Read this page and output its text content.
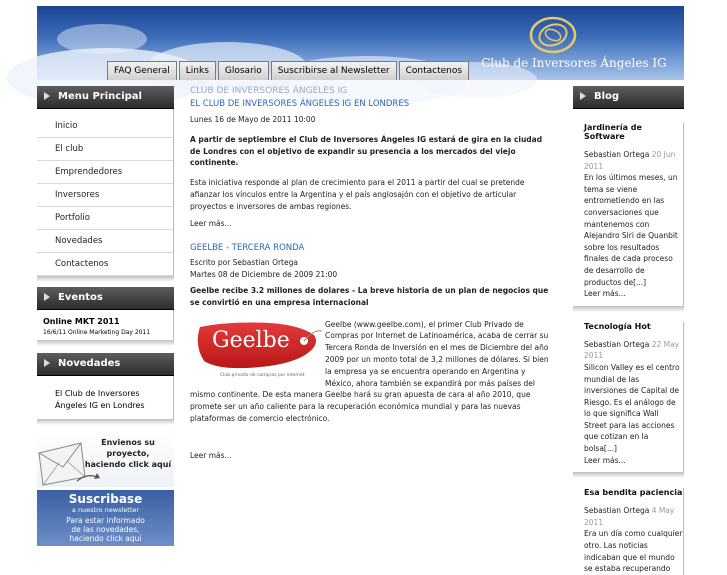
Club de Inversores Ángeles IG
FAQ General	Links	Glosario	Suscribirse al Newsletter	Contactenos
Menu Principal
Inicio
El club
Emprendedores
Inversores
Portfolio
Novedades
Contactenos
Eventos
Online MKT 2011
16/6/11 Online Marketing Day 2011
Novedades
El Club de Inversores Ángeles IG en Londres
Envienos su proyecto,
haciendo click aquí
Suscribase
a nuestro newsletter
Para estar informado
de las novedades,
haciendo click aquí
CLUB DE INVERSORES ÁNGELES IG
EL CLUB DE INVERSORES ÁNGELES IG EN LONDRES
Lunes 16 de Mayo de 2011 10:00
A partir de septiembre el Club de Inversores Ángeles IG estará de gira en la ciudad de Londres con el objetivo de expandir su presencia a los mercados del viejo continente.
Esta iniciativa responde al plan de crecimiento para el 2011 a partir del cual se pretende afianzar los vínculos entre la Argentina y el país anglosajón con el objetivo de articular proyectos e inversores de ambas regiones.
Leer más...
GEELBE - TERCERA RONDA
Escrito por Sebastian Ortega
Martes 08 de Diciembre de 2009 21:00
Geelbe recibe 3.2 millones de dolares - La breve historia de un plan de negocios que se convirtió en una empresa internacional
Geelbe
Club privado de compras por internet
Geelbe (www.geelbe.com), el primer Club Privado de Compras por Internet de Latinoamérica, acaba de cerrar su Tercera Ronda de Inversión en el mes de Diciembre del año 2009 por un monto total de 3,2 millones de dólares. Si bien la empresa ya se encuentra operando en Argentina y México, ahora también se expandirá por más países del mismo continente. De esta manera Geelbe hará su gran apuesta de cara al año 2010, que promete ser un año caliente para la recuperación económica mundial y para las nuevas plataformas de comercio electrónico.
Leer más...
Blog
Jardinería de Software
Sebastian Ortega 20 Jun 2011
En los últimos meses, un tema se viene entrometiendo en las conversaciones que mantenemos con Alejandro Siri de Quanbit sobre los resultados finales de cada proceso de desarrollo de productos de[...]
Leer más...
Tecnología Hot
Sebastian Ortega 22 May 2011
Silicon Valley es el centro mundial de las inversiones de Capital de Riesgo. Es el análogo de lo que significa Wall Street para las acciones que cotizan en la bolsa[...]
Leer más...
Esa bendita paciencia
Sebastian Ortega 4 May 2011
Era un día como cualquier otro. Las noticias indicaban que el mundo se estaba recuperando
